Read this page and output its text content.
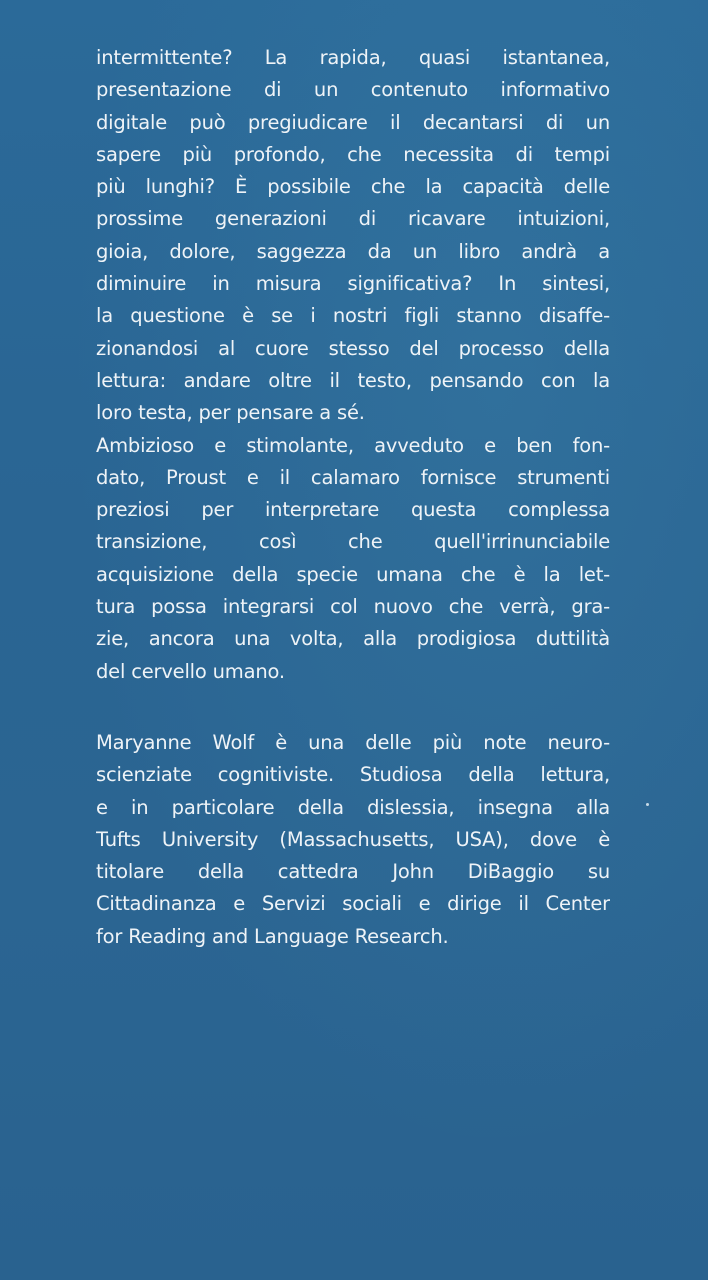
intermittente? La rapida, quasi istantanea,

presentazione di un contenuto informativo

digitale può pregiudicare il decantarsi di un

sapere più profondo, che necessita di tempi

più lunghi? È possibile che la capacità delle

prossime generazioni di ricavare intuizioni,

gioia, dolore, saggezza da un libro andrà a

diminuire in misura significativa? In sintesi,

la questione è se i nostri figli stanno disaffe-

zionandosi al cuore stesso del processo della

lettura: andare oltre il testo, pensando con la

loro testa, per pensare a sé.

Ambizioso e stimolante, avveduto e ben fon-

dato, Proust e il calamaro fornisce strumenti

preziosi per interpretare questa complessa

transizione, così che quell'irrinunciabile

acquisizione della specie umana che è la let-

tura possa integrarsi col nuovo che verrà, gra-

zie, ancora una volta, alla prodigiosa duttilità

del cervello umano.

Maryanne Wolf è una delle più note neuro-

scienziate cognitiviste. Studiosa della lettura,

e in particolare della dislessia, insegna alla

Tufts University (Massachusetts, USA), dove è

titolare della cattedra John DiBaggio su

Cittadinanza e Servizi sociali e dirige il Center

for Reading and Language Research.
